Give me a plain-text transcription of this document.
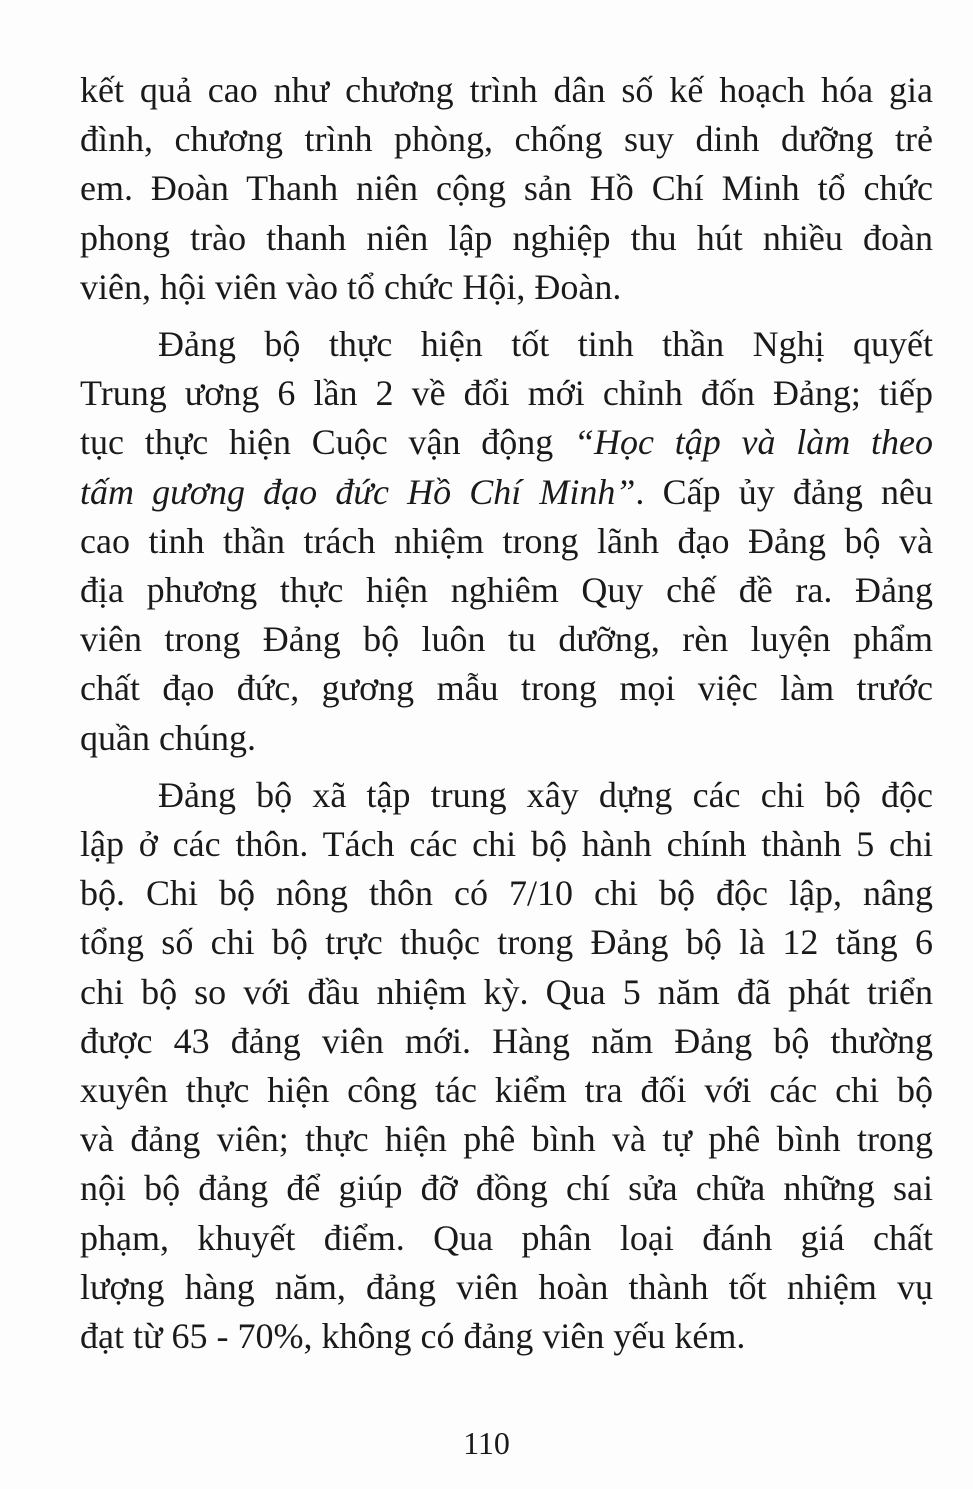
kết quả cao như chương trình dân số kế hoạch hóa gia
đình, chương trình phòng, chống suy dinh dưỡng trẻ
em. Đoàn Thanh niên cộng sản Hồ Chí Minh tổ chức
phong trào thanh niên lập nghiệp thu hút nhiều đoàn
viên, hội viên vào tổ chức Hội, Đoàn.
Đảng bộ thực hiện tốt tinh thần Nghị quyết
Trung ương 6 lần 2 về đổi mới chỉnh đốn Đảng; tiếp
tục thực hiện Cuộc vận động “Học tập và làm theo
tấm gương đạo đức Hồ Chí Minh”. Cấp ủy đảng nêu
cao tinh thần trách nhiệm trong lãnh đạo Đảng bộ và
địa phương thực hiện nghiêm Quy chế đề ra. Đảng
viên trong Đảng bộ luôn tu dưỡng, rèn luyện phẩm
chất đạo đức, gương mẫu trong mọi việc làm trước
quần chúng.
Đảng bộ xã tập trung xây dựng các chi bộ độc
lập ở các thôn. Tách các chi bộ hành chính thành 5 chi
bộ. Chi bộ nông thôn có 7/10 chi bộ độc lập, nâng
tổng số chi bộ trực thuộc trong Đảng bộ là 12 tăng 6
chi bộ so với đầu nhiệm kỳ. Qua 5 năm đã phát triển
được 43 đảng viên mới. Hàng năm Đảng bộ thường
xuyên thực hiện công tác kiểm tra đối với các chi bộ
và đảng viên; thực hiện phê bình và tự phê bình trong
nội bộ đảng để giúp đỡ đồng chí sửa chữa những sai
phạm, khuyết điểm. Qua phân loại đánh giá chất
lượng hàng năm, đảng viên hoàn thành tốt nhiệm vụ
đạt từ 65 - 70%, không có đảng viên yếu kém.
110
